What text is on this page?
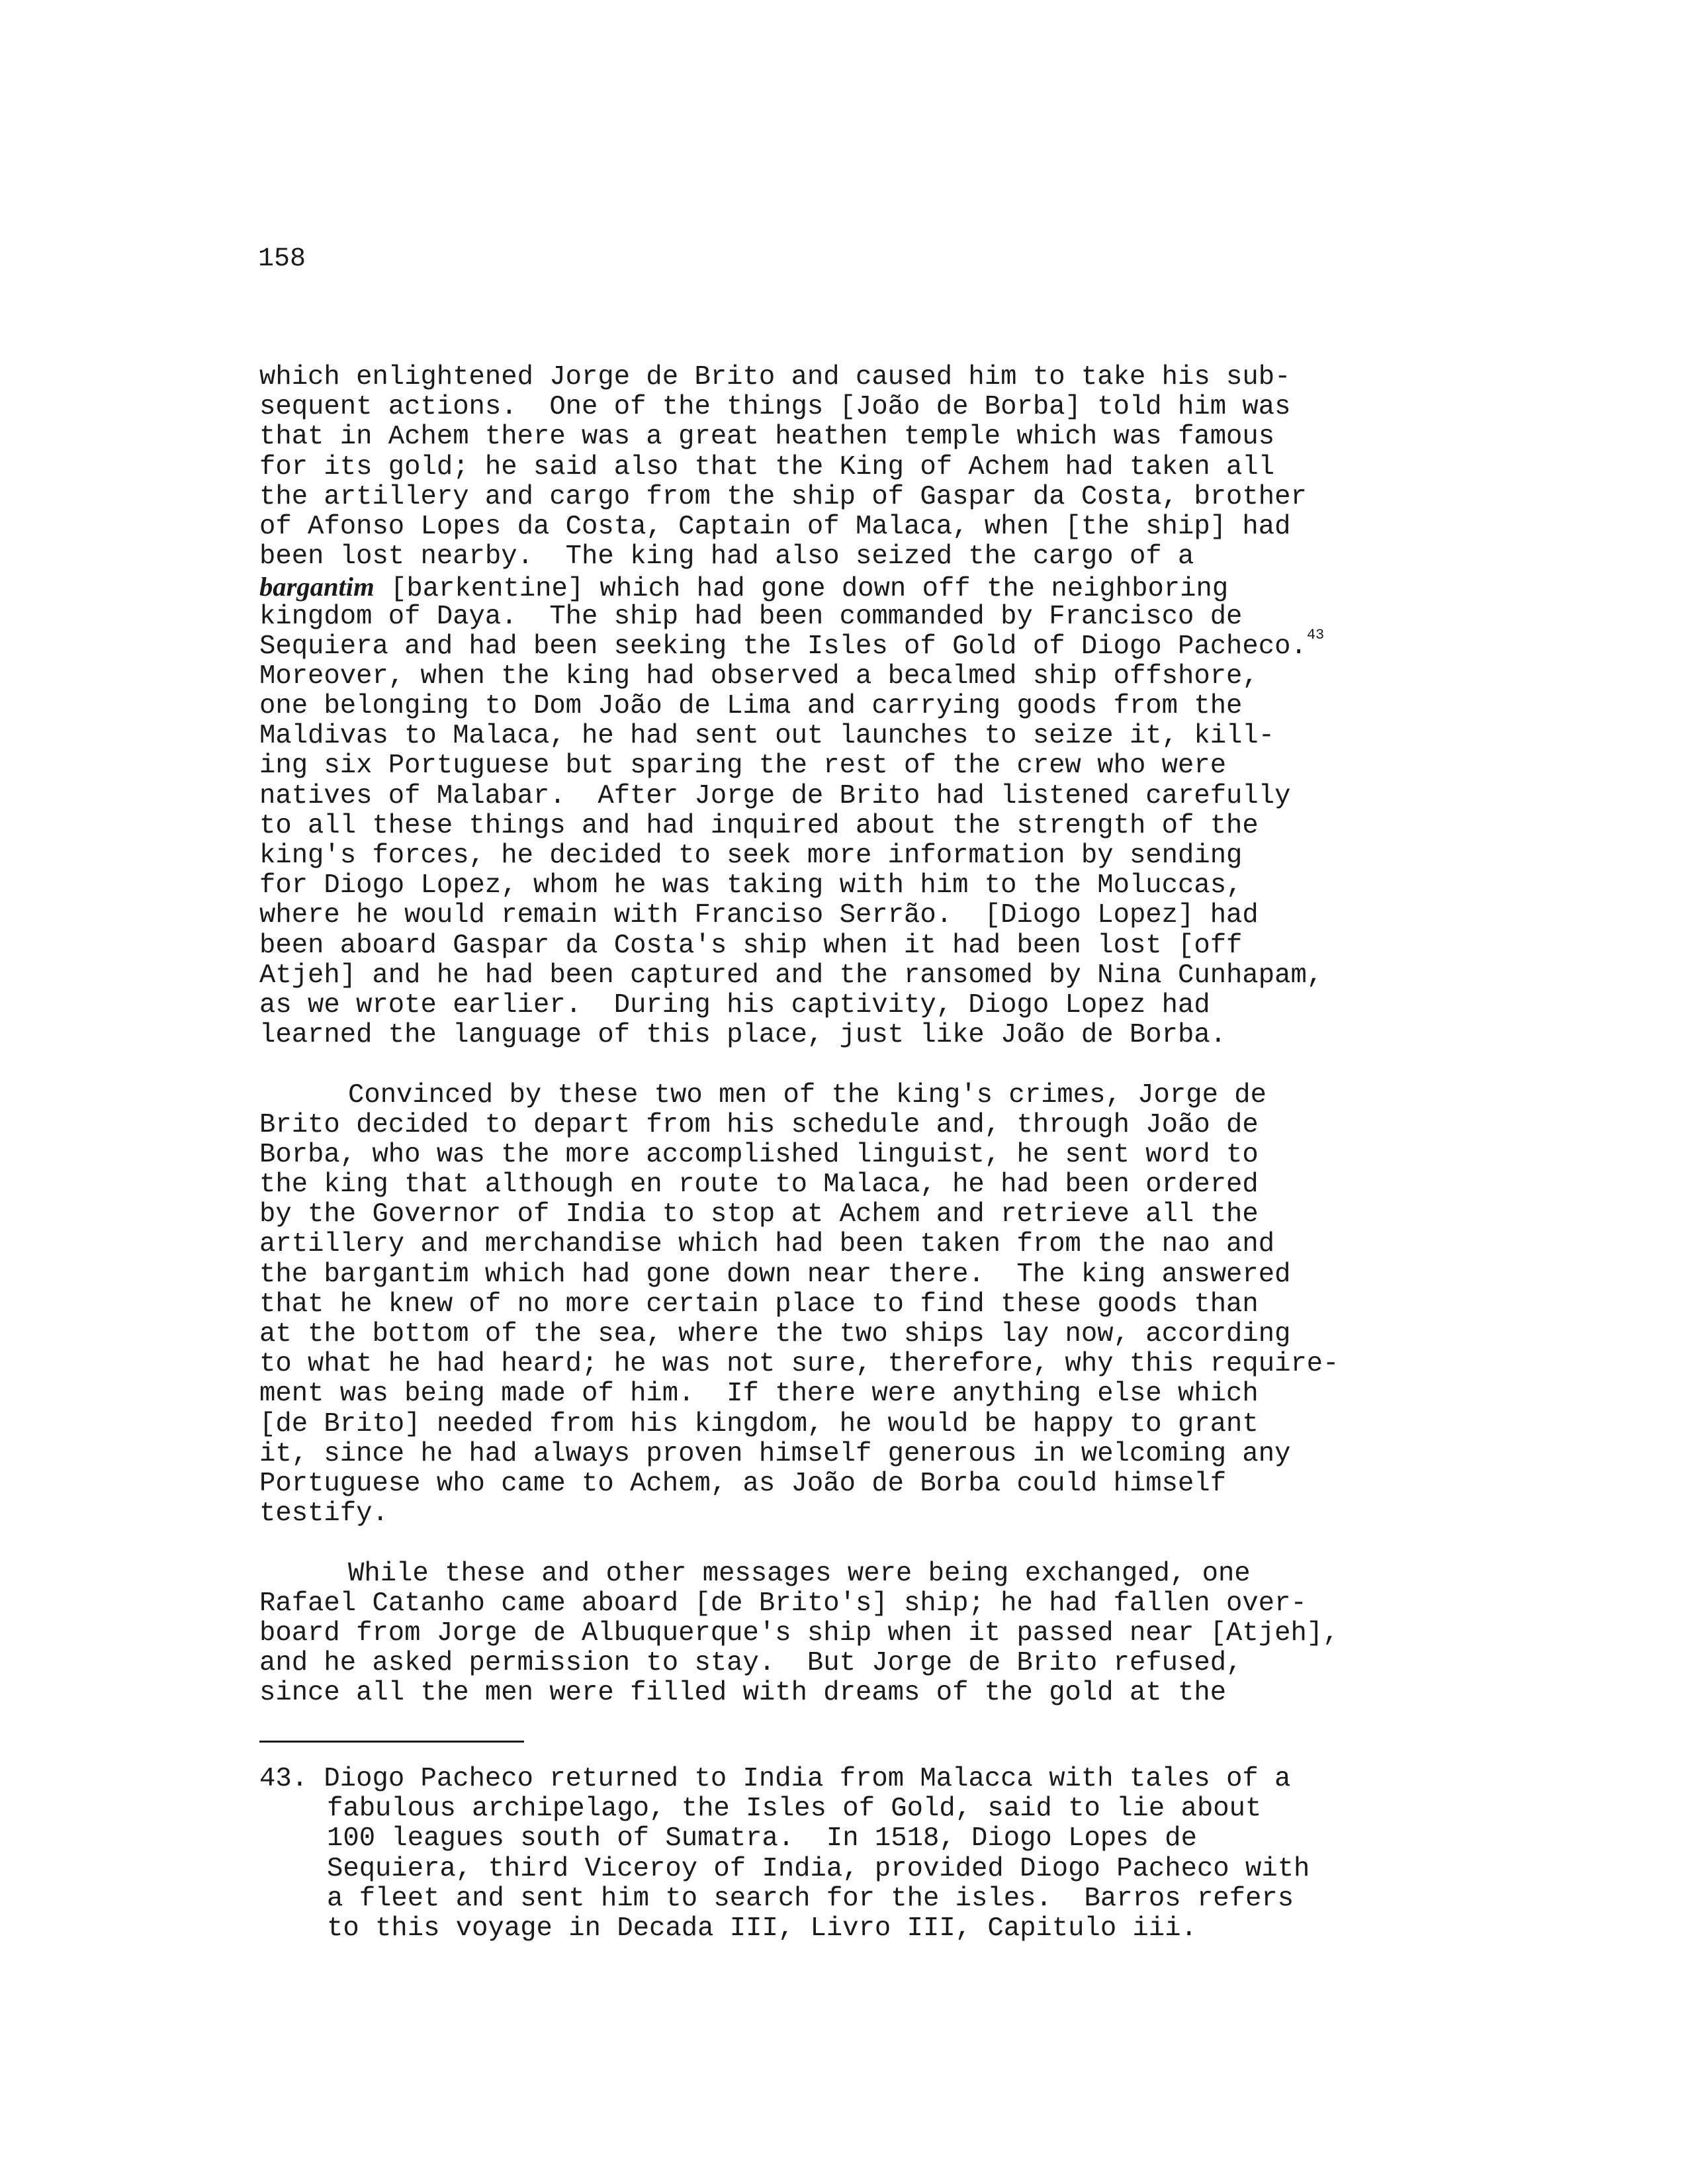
158
which enlightened Jorge de Brito and caused him to take his sub-
sequent actions.  One of the things [João de Borba] told him was
that in Achem there was a great heathen temple which was famous
for its gold; he said also that the King of Achem had taken all
the artillery and cargo from the ship of Gaspar da Costa, brother
of Afonso Lopes da Costa, Captain of Malaca, when [the ship] had
been lost nearby.  The king had also seized the cargo of a
bargantim [barkentine] which had gone down off the neighboring
kingdom of Daya.  The ship had been commanded by Francisco de
Sequiera and had been seeking the Isles of Gold of Diogo Pacheco.$^{43}$
Moreover, when the king had observed a becalmed ship offshore,
one belonging to Dom João de Lima and carrying goods from the
Maldivas to Malaca, he had sent out launches to seize it, kill-
ing six Portuguese but sparing the rest of the crew who were
natives of Malabar.  After Jorge de Brito had listened carefully
to all these things and had inquired about the strength of the
king's forces, he decided to seek more information by sending
for Diogo Lopez, whom he was taking with him to the Moluccas,
where he would remain with Franciso Serrão.  [Diogo Lopez] had
been aboard Gaspar da Costa's ship when it had been lost [off
Atjeh] and he had been captured and the ransomed by Nina Cunhapam,
as we wrote earlier.  During his captivity, Diogo Lopez had
learned the language of this place, just like João de Borba.
Convinced by these two men of the king's crimes, Jorge de
Brito decided to depart from his schedule and, through João de
Borba, who was the more accomplished linguist, he sent word to
the king that although en route to Malaca, he had been ordered
by the Governor of India to stop at Achem and retrieve all the
artillery and merchandise which had been taken from the nao and
the bargantim which had gone down near there.  The king answered
that he knew of no more certain place to find these goods than
at the bottom of the sea, where the two ships lay now, according
to what he had heard; he was not sure, therefore, why this require-
ment was being made of him.  If there were anything else which
[de Brito] needed from his kingdom, he would be happy to grant
it, since he had always proven himself generous in welcoming any
Portuguese who came to Achem, as João de Borba could himself
testify.
While these and other messages were being exchanged, one
Rafael Catanho came aboard [de Brito's] ship; he had fallen over-
board from Jorge de Albuquerque's ship when it passed near [Atjeh],
and he asked permission to stay.  But Jorge de Brito refused,
since all the men were filled with dreams of the gold at the
43. Diogo Pacheco returned to India from Malacca with tales of a
fabulous archipelago, the Isles of Gold, said to lie about
100 leagues south of Sumatra.  In 1518, Diogo Lopes de
Sequiera, third Viceroy of India, provided Diogo Pacheco with
a fleet and sent him to search for the isles.  Barros refers
to this voyage in Decada III, Livro III, Capitulo iii.
